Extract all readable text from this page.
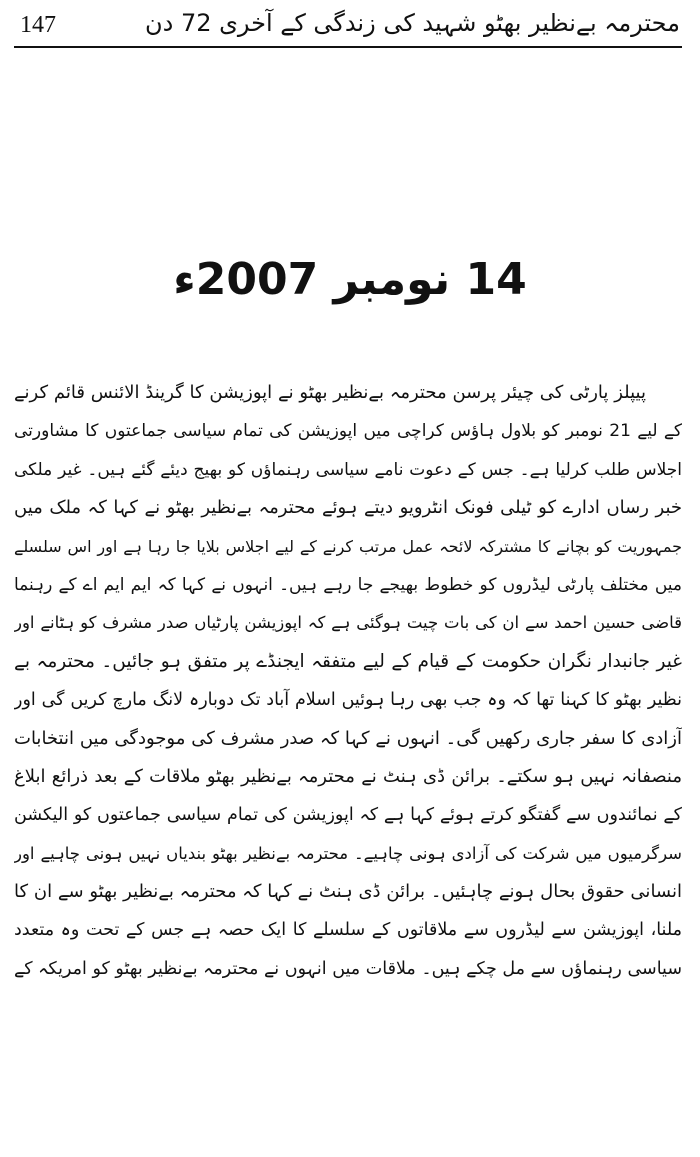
147	محترمہ بےنظیر بھٹو شہید کی زندگی کے آخری 72 دن
14 نومبر 2007ء
پیپلز پارٹی کی چیئر پرسن محترمہ بےنظیر بھٹو نے اپوزیشن کا گرینڈ الائنس قائم کرنے
کے لیے 21 نومبر کو بلاول ہاؤس کراچی میں اپوزیشن کی تمام سیاسی جماعتوں کا مشاورتی
اجلاس طلب کرلیا ہے۔ جس کے دعوت نامے سیاسی رہنماؤں کو بھیج دیئے گئے ہیں۔ غیر ملکی
خبر رساں ادارے کو ٹیلی فونک انٹرویو دیتے ہوئے محترمہ بےنظیر بھٹو نے کہا کہ ملک میں
جمہوریت کو بچانے کا مشترکہ لائحہ عمل مرتب کرنے کے لیے اجلاس بلایا جا رہا ہے اور اس سلسلے
میں مختلف پارٹی لیڈروں کو خطوط بھیجے جا رہے ہیں۔ انہوں نے کہا کہ ایم ایم اے کے رہنما
قاضی حسین احمد سے ان کی بات چیت ہوگئی ہے کہ اپوزیشن پارٹیاں صدر مشرف کو ہٹانے اور
غیر جانبدار نگران حکومت کے قیام کے لیے متفقہ ایجنڈے پر متفق ہو جائیں۔ محترمہ بے
نظیر بھٹو کا کہنا تھا کہ وہ جب بھی رہا ہوئیں اسلام آباد تک دوبارہ لانگ مارچ کریں گی اور
آزادی کا سفر جاری رکھیں گی۔ انہوں نے کہا کہ صدر مشرف کی موجودگی میں انتخابات
منصفانہ نہیں ہو سکتے۔ برائن ڈی ہنٹ نے محترمہ بےنظیر بھٹو ملاقات کے بعد ذرائع ابلاغ
کے نمائندوں سے گفتگو کرتے ہوئے کہا ہے کہ اپوزیشن کی تمام سیاسی جماعتوں کو الیکشن
سرگرمیوں میں شرکت کی آزادی ہونی چاہیے۔ محترمہ بےنظیر بھٹو بندیاں نہیں ہونی چاہیے اور
انسانی حقوق بحال ہونے چاہئیں۔ برائن ڈی ہنٹ نے کہا کہ محترمہ بےنظیر بھٹو سے ان کا
ملنا، اپوزیشن سے لیڈروں سے ملاقاتوں کے سلسلے کا ایک حصہ ہے جس کے تحت وہ متعدد
سیاسی رہنماؤں سے مل چکے ہیں۔ ملاقات میں انہوں نے محترمہ بےنظیر بھٹو کو امریکہ کے
